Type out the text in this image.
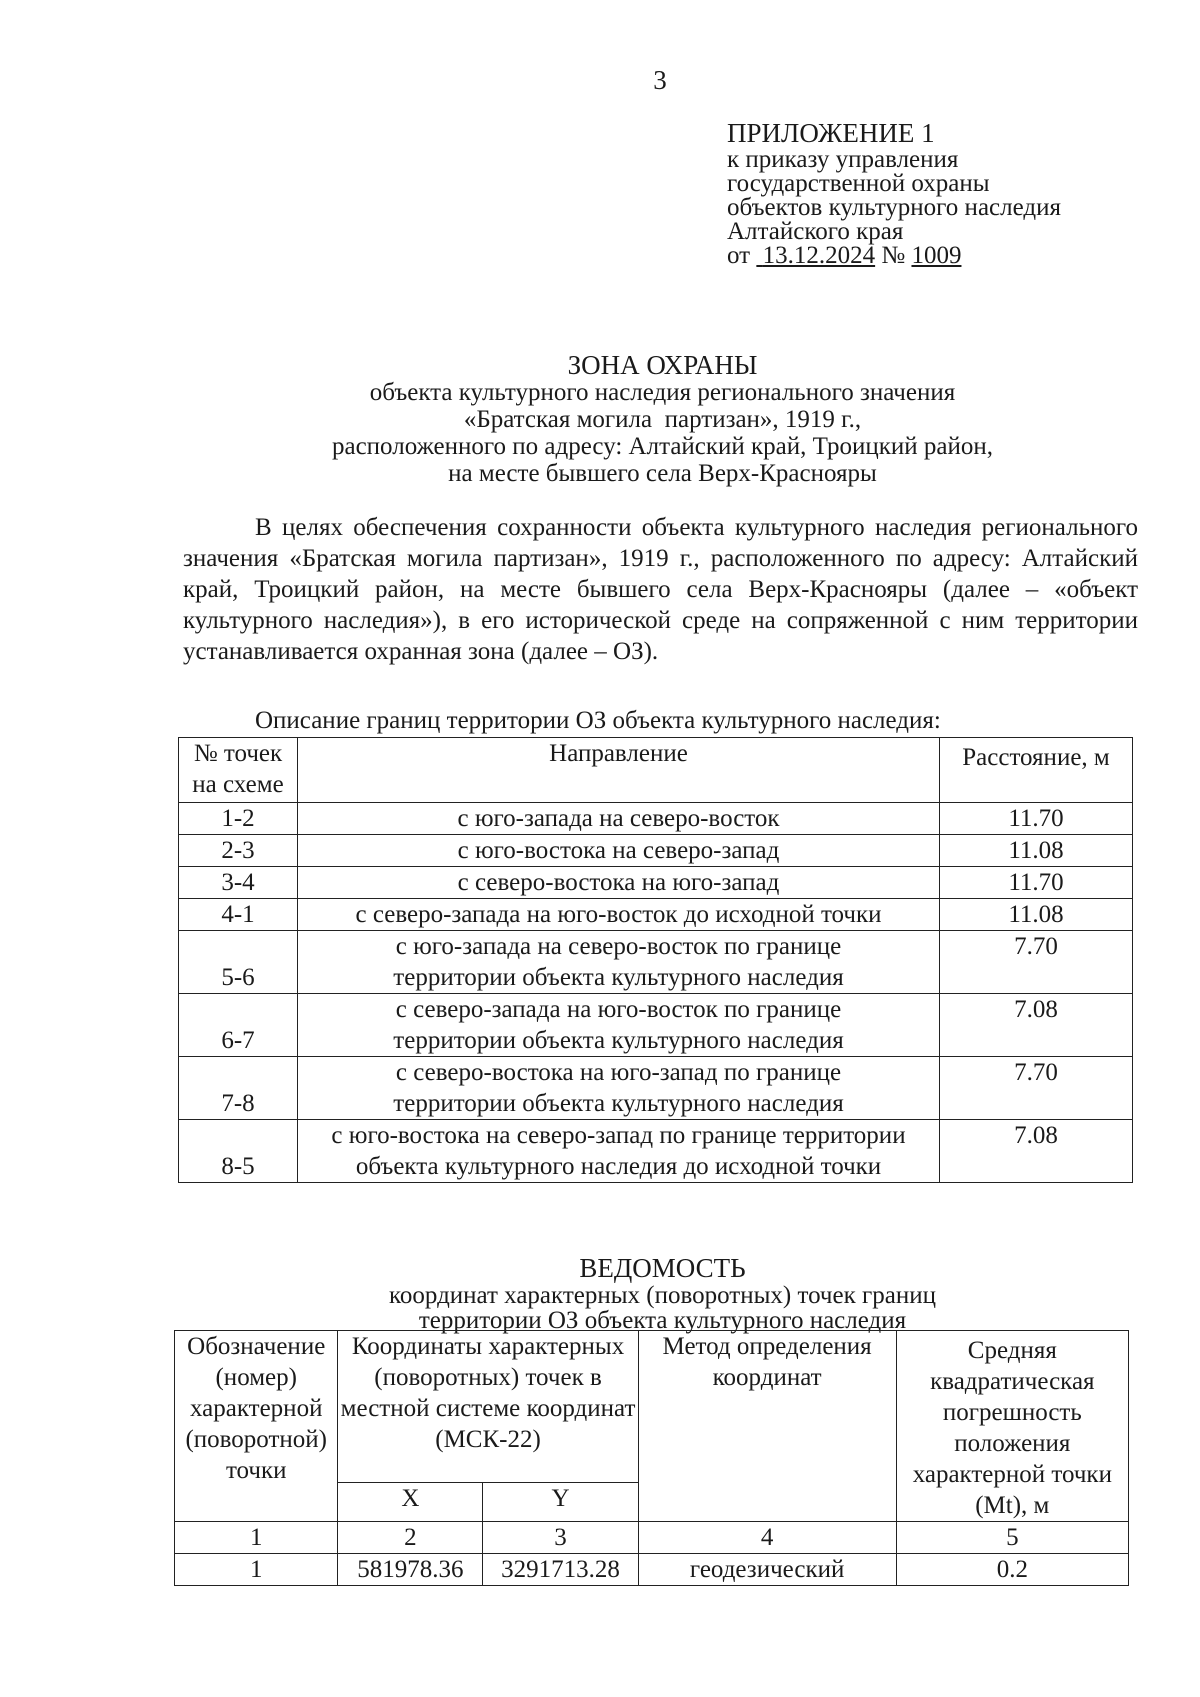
3
ПРИЛОЖЕНИЕ 1
к приказу управления
государственной охраны
объектов культурного наследия
Алтайского края
от 13.12.2024 № 1009
ЗОНА ОХРАНЫ
объекта культурного наследия регионального значения
«Братская могила  партизан», 1919 г.,
расположенного по адресу: Алтайский край, Троицкий район,
на месте бывшего села Верх-Краснояры
В целях обеспечения сохранности объекта культурного наследия регионального значения «Братская могила партизан», 1919 г., расположенного по адресу: Алтайский край, Троицкий район, на месте бывшего села Верх-Краснояры (далее – «объект культурного наследия»), в его исторической среде на сопряженной с ним территории устанавливается охранная зона (далее – ОЗ).
Описание границ территории ОЗ объекта культурного наследия:
№ точек на схеме	Направление	Расстояние, м
1-2	с юго-запада на северо-восток	11.70
2-3	с юго-востока на северо-запад	11.08
3-4	с северо-востока на юго-запад	11.70
4-1	с северо-запада на юго-восток до исходной точки	11.08
5-6	с юго-запада на северо-восток по границе территории объекта культурного наследия	7.70
6-7	с северо-запада на юго-восток по границе территории объекта культурного наследия	7.08
7-8	с северо-востока на юго-запад по границе территории объекта культурного наследия	7.70
8-5	с юго-востока на северо-запад по границе территории объекта культурного наследия до исходной точки	7.08
ВЕДОМОСТЬ
координат характерных (поворотных) точек границ
территории ОЗ объекта культурного наследия
Обозначение (номер) характерной (поворотной) точки	Координаты характерных (поворотных) точек в местной системе координат (МСК-22)		Метод определения координат	Средняя квадратическая погрешность положения характерной точки (Mt), м
	X	Y		
1	2	3	4	5
1	581978.36	3291713.28	геодезический	0.2
